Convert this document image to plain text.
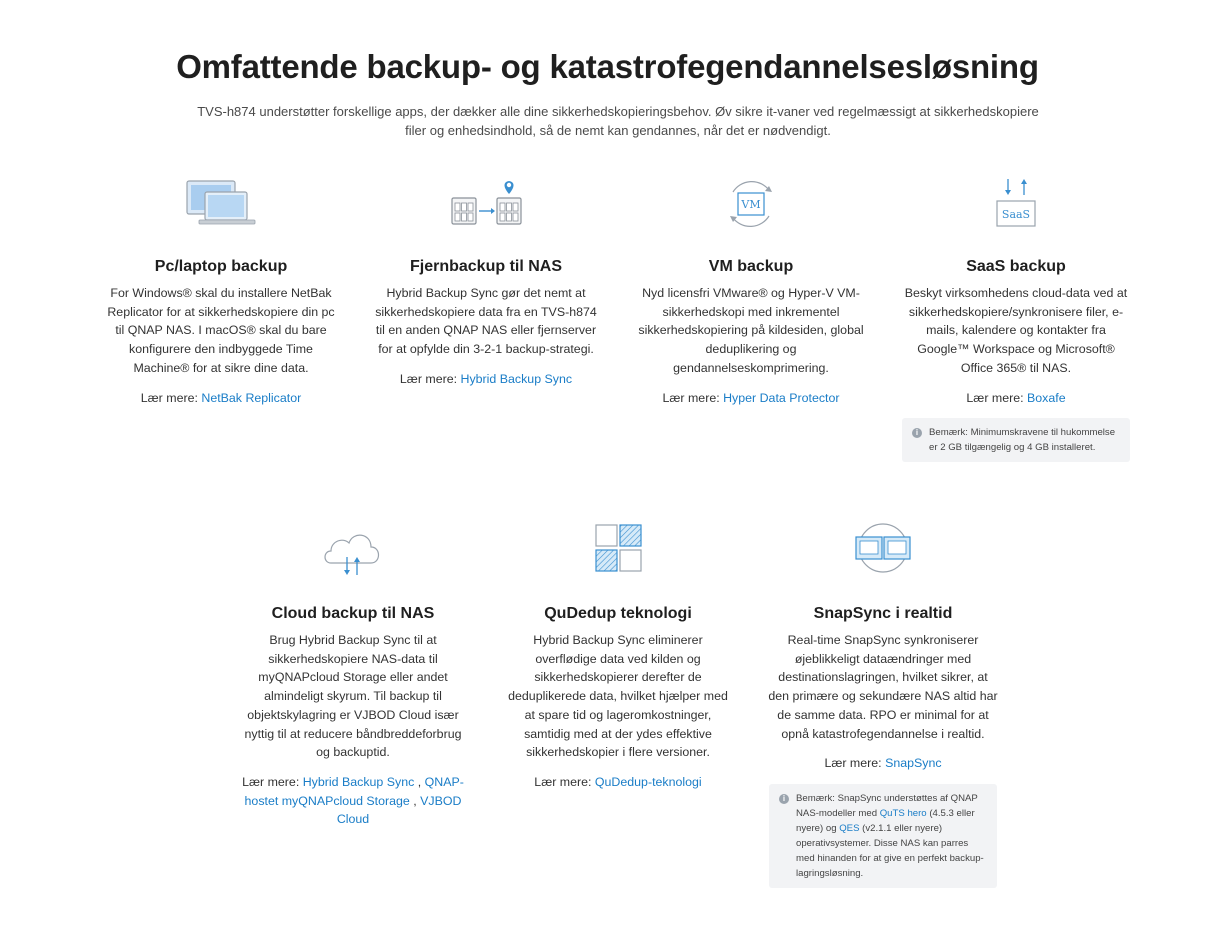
Omfattende backup- og katastrofegendannelsesløsning

TVS-h874 understøtter forskellige apps, der dækker alle dine sikkerhedskopieringsbehov. Øv sikre it-vaner ved regelmæssigt at sikkerhedskopiere filer og enhedsindhold, så de nemt kan gendannes, når det er nødvendigt.

Pc/laptop backup

For Windows® skal du installere NetBak Replicator for at sikkerhedskopiere din pc til QNAP NAS. I macOS® skal du bare konfigurere den indbyggede Time Machine® for at sikre dine data.

Lær mere: NetBak Replicator

Fjernbackup til NAS

Hybrid Backup Sync gør det nemt at sikkerhedskopiere data fra en TVS-h874 til en anden QNAP NAS eller fjernserver for at opfylde din 3-2-1 backup-strategi.

Lær mere: Hybrid Backup Sync

VM
VM backup

Nyd licensfri VMware® og Hyper-V VM-sikkerhedskopi med inkrementel sikkerhedskopiering på kildesiden, global deduplikering og gendannelseskomprimering.

Lær mere: Hyper Data Protector

SaaS
SaaS backup

Beskyt virksomhedens cloud-data ved at sikkerhedskopiere/synkronisere filer, e-mails, kalendere og kontakter fra Google™ Workspace og Microsoft® Office 365® til NAS.

Lær mere: Boxafe

i	Bemærk: Minimumskravene til hukommelse er 2 GB tilgængelig og 4 GB installeret.
Cloud backup til NAS

Brug Hybrid Backup Sync til at sikkerhedskopiere NAS-data til myQNAPcloud Storage eller andet almindeligt skyrum. Til backup til objektskylagring er VJBOD Cloud især nyttig til at reducere båndbreddeforbrug og backuptid.

Lær mere: Hybrid Backup Sync , QNAP-hostet myQNAPcloud Storage , VJBOD Cloud

QuDedup teknologi

Hybrid Backup Sync eliminerer overflødige data ved kilden og sikkerhedskopierer derefter de deduplikerede data, hvilket hjælper med at spare tid og lageromkostninger, samtidig med at der ydes effektive sikkerhedskopier i flere versioner.

Lær mere: QuDedup-teknologi

SnapSync i realtid

Real-time SnapSync synkroniserer øjeblikkeligt dataændringer med destinationslagringen, hvilket sikrer, at den primære og sekundære NAS altid har de samme data. RPO er minimal for at opnå katastrofegendannelse i realtid.

Lær mere: SnapSync

i	Bemærk: SnapSync understøttes af QNAP NAS-modeller med QuTS hero (4.5.3 eller nyere) og QES (v2.1.1 eller nyere) operativsystemer. Disse NAS kan parres med hinanden for at give en perfekt backup-lagringsløsning.
